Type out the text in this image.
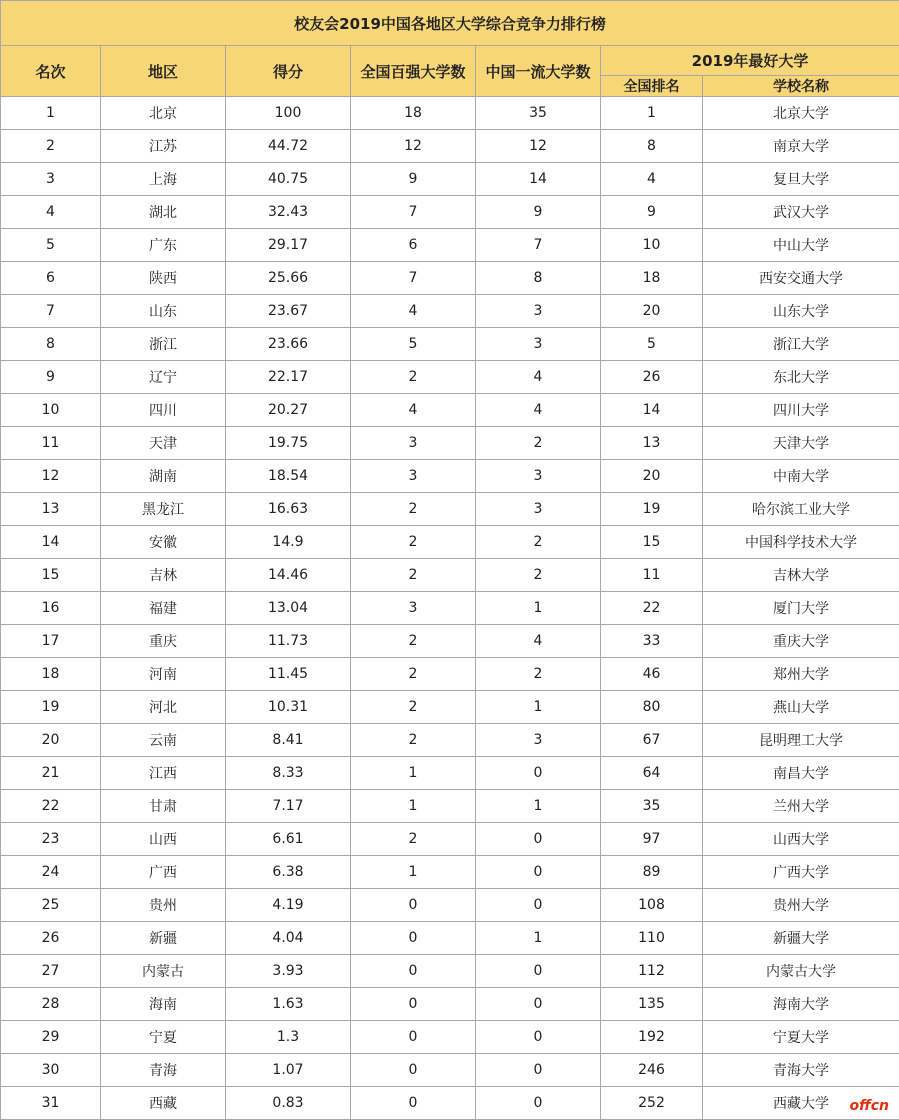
校友会2019中国各地区大学综合竞争力排行榜						
名次	地区	得分	全国百强大学数	中国一流大学数	2019年最好大学	
					全国排名	学校名称
1	北京	100	18	35	1	北京大学
2	江苏	44.72	12	12	8	南京大学
3	上海	40.75	9	14	4	复旦大学
4	湖北	32.43	7	9	9	武汉大学
5	广东	29.17	6	7	10	中山大学
6	陕西	25.66	7	8	18	西安交通大学
7	山东	23.67	4	3	20	山东大学
8	浙江	23.66	5	3	5	浙江大学
9	辽宁	22.17	2	4	26	东北大学
10	四川	20.27	4	4	14	四川大学
11	天津	19.75	3	2	13	天津大学
12	湖南	18.54	3	3	20	中南大学
13	黑龙江	16.63	2	3	19	哈尔滨工业大学
14	安徽	14.9	2	2	15	中国科学技术大学
15	吉林	14.46	2	2	11	吉林大学
16	福建	13.04	3	1	22	厦门大学
17	重庆	11.73	2	4	33	重庆大学
18	河南	11.45	2	2	46	郑州大学
19	河北	10.31	2	1	80	燕山大学
20	云南	8.41	2	3	67	昆明理工大学
21	江西	8.33	1	0	64	南昌大学
22	甘肃	7.17	1	1	35	兰州大学
23	山西	6.61	2	0	97	山西大学
24	广西	6.38	1	0	89	广西大学
25	贵州	4.19	0	0	108	贵州大学
26	新疆	4.04	0	1	110	新疆大学
27	内蒙古	3.93	0	0	112	内蒙古大学
28	海南	1.63	0	0	135	海南大学
29	宁夏	1.3	0	0	192	宁夏大学
30	青海	1.07	0	0	246	青海大学
31	西藏	0.83	0	0	252	西藏大学 offcn
